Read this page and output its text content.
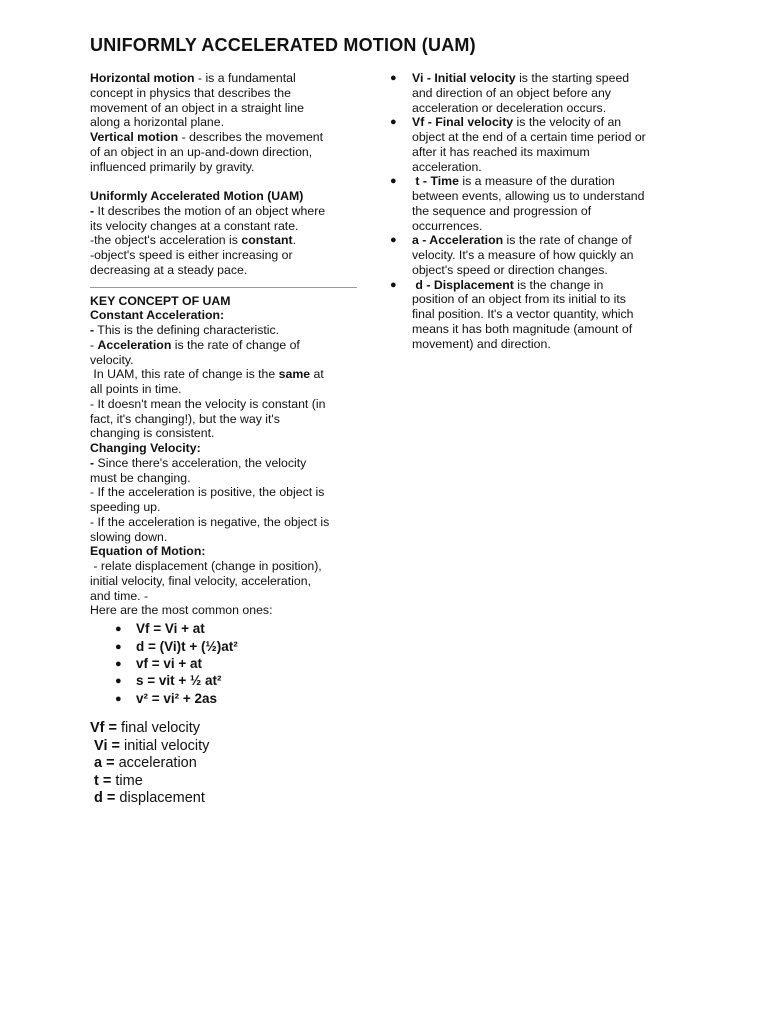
UNIFORMLY ACCELERATED MOTION (UAM)
Horizontal motion - is a fundamental
concept in physics that describes the
movement of an object in a straight line
along a horizontal plane.
Vertical motion - describes the movement
of an object in an up-and-down direction,
influenced primarily by gravity.
Uniformly Accelerated Motion (UAM)
- It describes the motion of an object where
its velocity changes at a constant rate.
-the object's acceleration is constant.
-object's speed is either increasing or
decreasing at a steady pace.
KEY CONCEPT OF UAM
Constant Acceleration:
- This is the defining characteristic.
- Acceleration is the rate of change of
velocity.
In UAM, this rate of change is the same at
all points in time.
- It doesn't mean the velocity is constant (in
fact, it's changing!), but the way it's
changing is consistent.
Changing Velocity:
- Since there's acceleration, the velocity
must be changing.
- If the acceleration is positive, the object is
speeding up.
- If the acceleration is negative, the object is
slowing down.
Equation of Motion:
- relate displacement (change in position),
initial velocity, final velocity, acceleration,
and time. -
Here are the most common ones:
●	Vf = Vi + at
●	d = (Vi)t + (½)at²
●	vf = vi + at
●	s = vit + ½ at²
●	v² = vi² + 2as
Vf = final velocity
Vi = initial velocity
a = acceleration
t = time
d = displacement
●	Vi - Initial velocity is the starting speed
and direction of an object before any
acceleration or deceleration occurs.
●	Vf - Final velocity is the velocity of an
object at the end of a certain time period or
after it has reached its maximum
acceleration.
●	t - Time is a measure of the duration
between events, allowing us to understand
the sequence and progression of
occurrences.
●	a - Acceleration is the rate of change of
velocity. It's a measure of how quickly an
object's speed or direction changes.
●	d - Displacement is the change in
position of an object from its initial to its
final position. It's a vector quantity, which
means it has both magnitude (amount of
movement) and direction.
